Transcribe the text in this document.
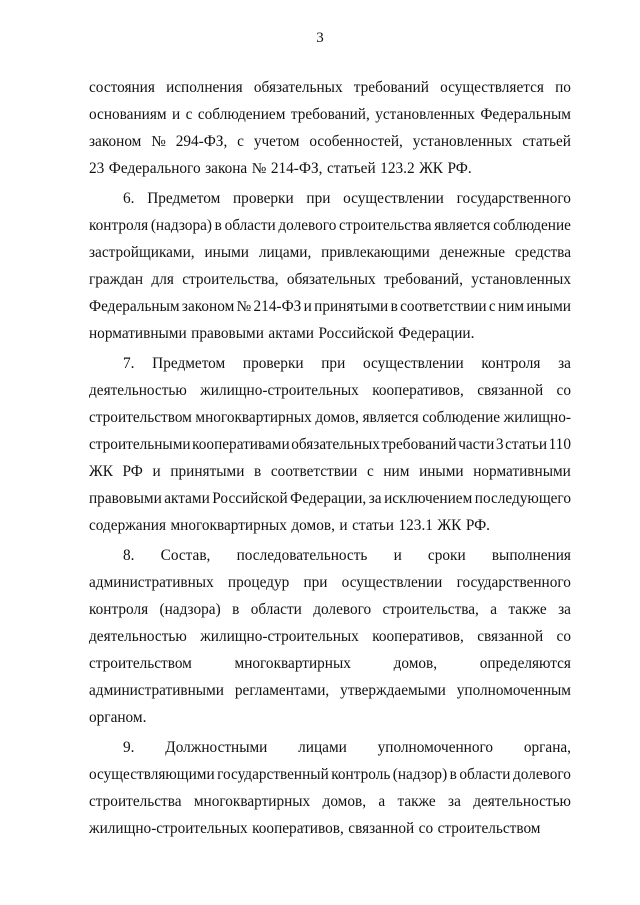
3
состояния исполнения обязательных требований осуществляется по
основаниям и с соблюдением требований, установленных Федеральным
законом № 294-ФЗ, с учетом особенностей, установленных статьей
23 Федерального закона № 214-ФЗ, статьей 123.2 ЖК РФ.
6. Предметом проверки при осуществлении государственного
контроля (надзора) в области долевого строительства является соблюдение
застройщиками, иными лицами, привлекающими денежные средства
граждан для строительства, обязательных требований, установленных
Федеральным законом № 214-ФЗ и принятыми в соответствии с ним иными
нормативными правовыми актами Российской Федерации.
7. Предметом проверки при осуществлении контроля за
деятельностью жилищно-строительных кооперативов, связанной со
строительством многоквартирных домов, является соблюдение жилищно-
строительными кооперативами обязательных требований части 3 статьи 110
ЖК РФ и принятыми в соответствии с ним иными нормативными
правовыми актами Российской Федерации, за исключением последующего
содержания многоквартирных домов, и статьи 123.1 ЖК РФ.
8. Состав, последовательность и сроки выполнения
административных процедур при осуществлении государственного
контроля (надзора) в области долевого строительства, а также за
деятельностью жилищно-строительных кооперативов, связанной со
строительством	многоквартирных	домов,	определяются
административными регламентами, утверждаемыми уполномоченным
органом.
9. Должностными лицами уполномоченного органа,
осуществляющими государственный контроль (надзор) в области долевого
строительства многоквартирных домов, а также за деятельностью
жилищно-строительных кооперативов, связанной со строительством
